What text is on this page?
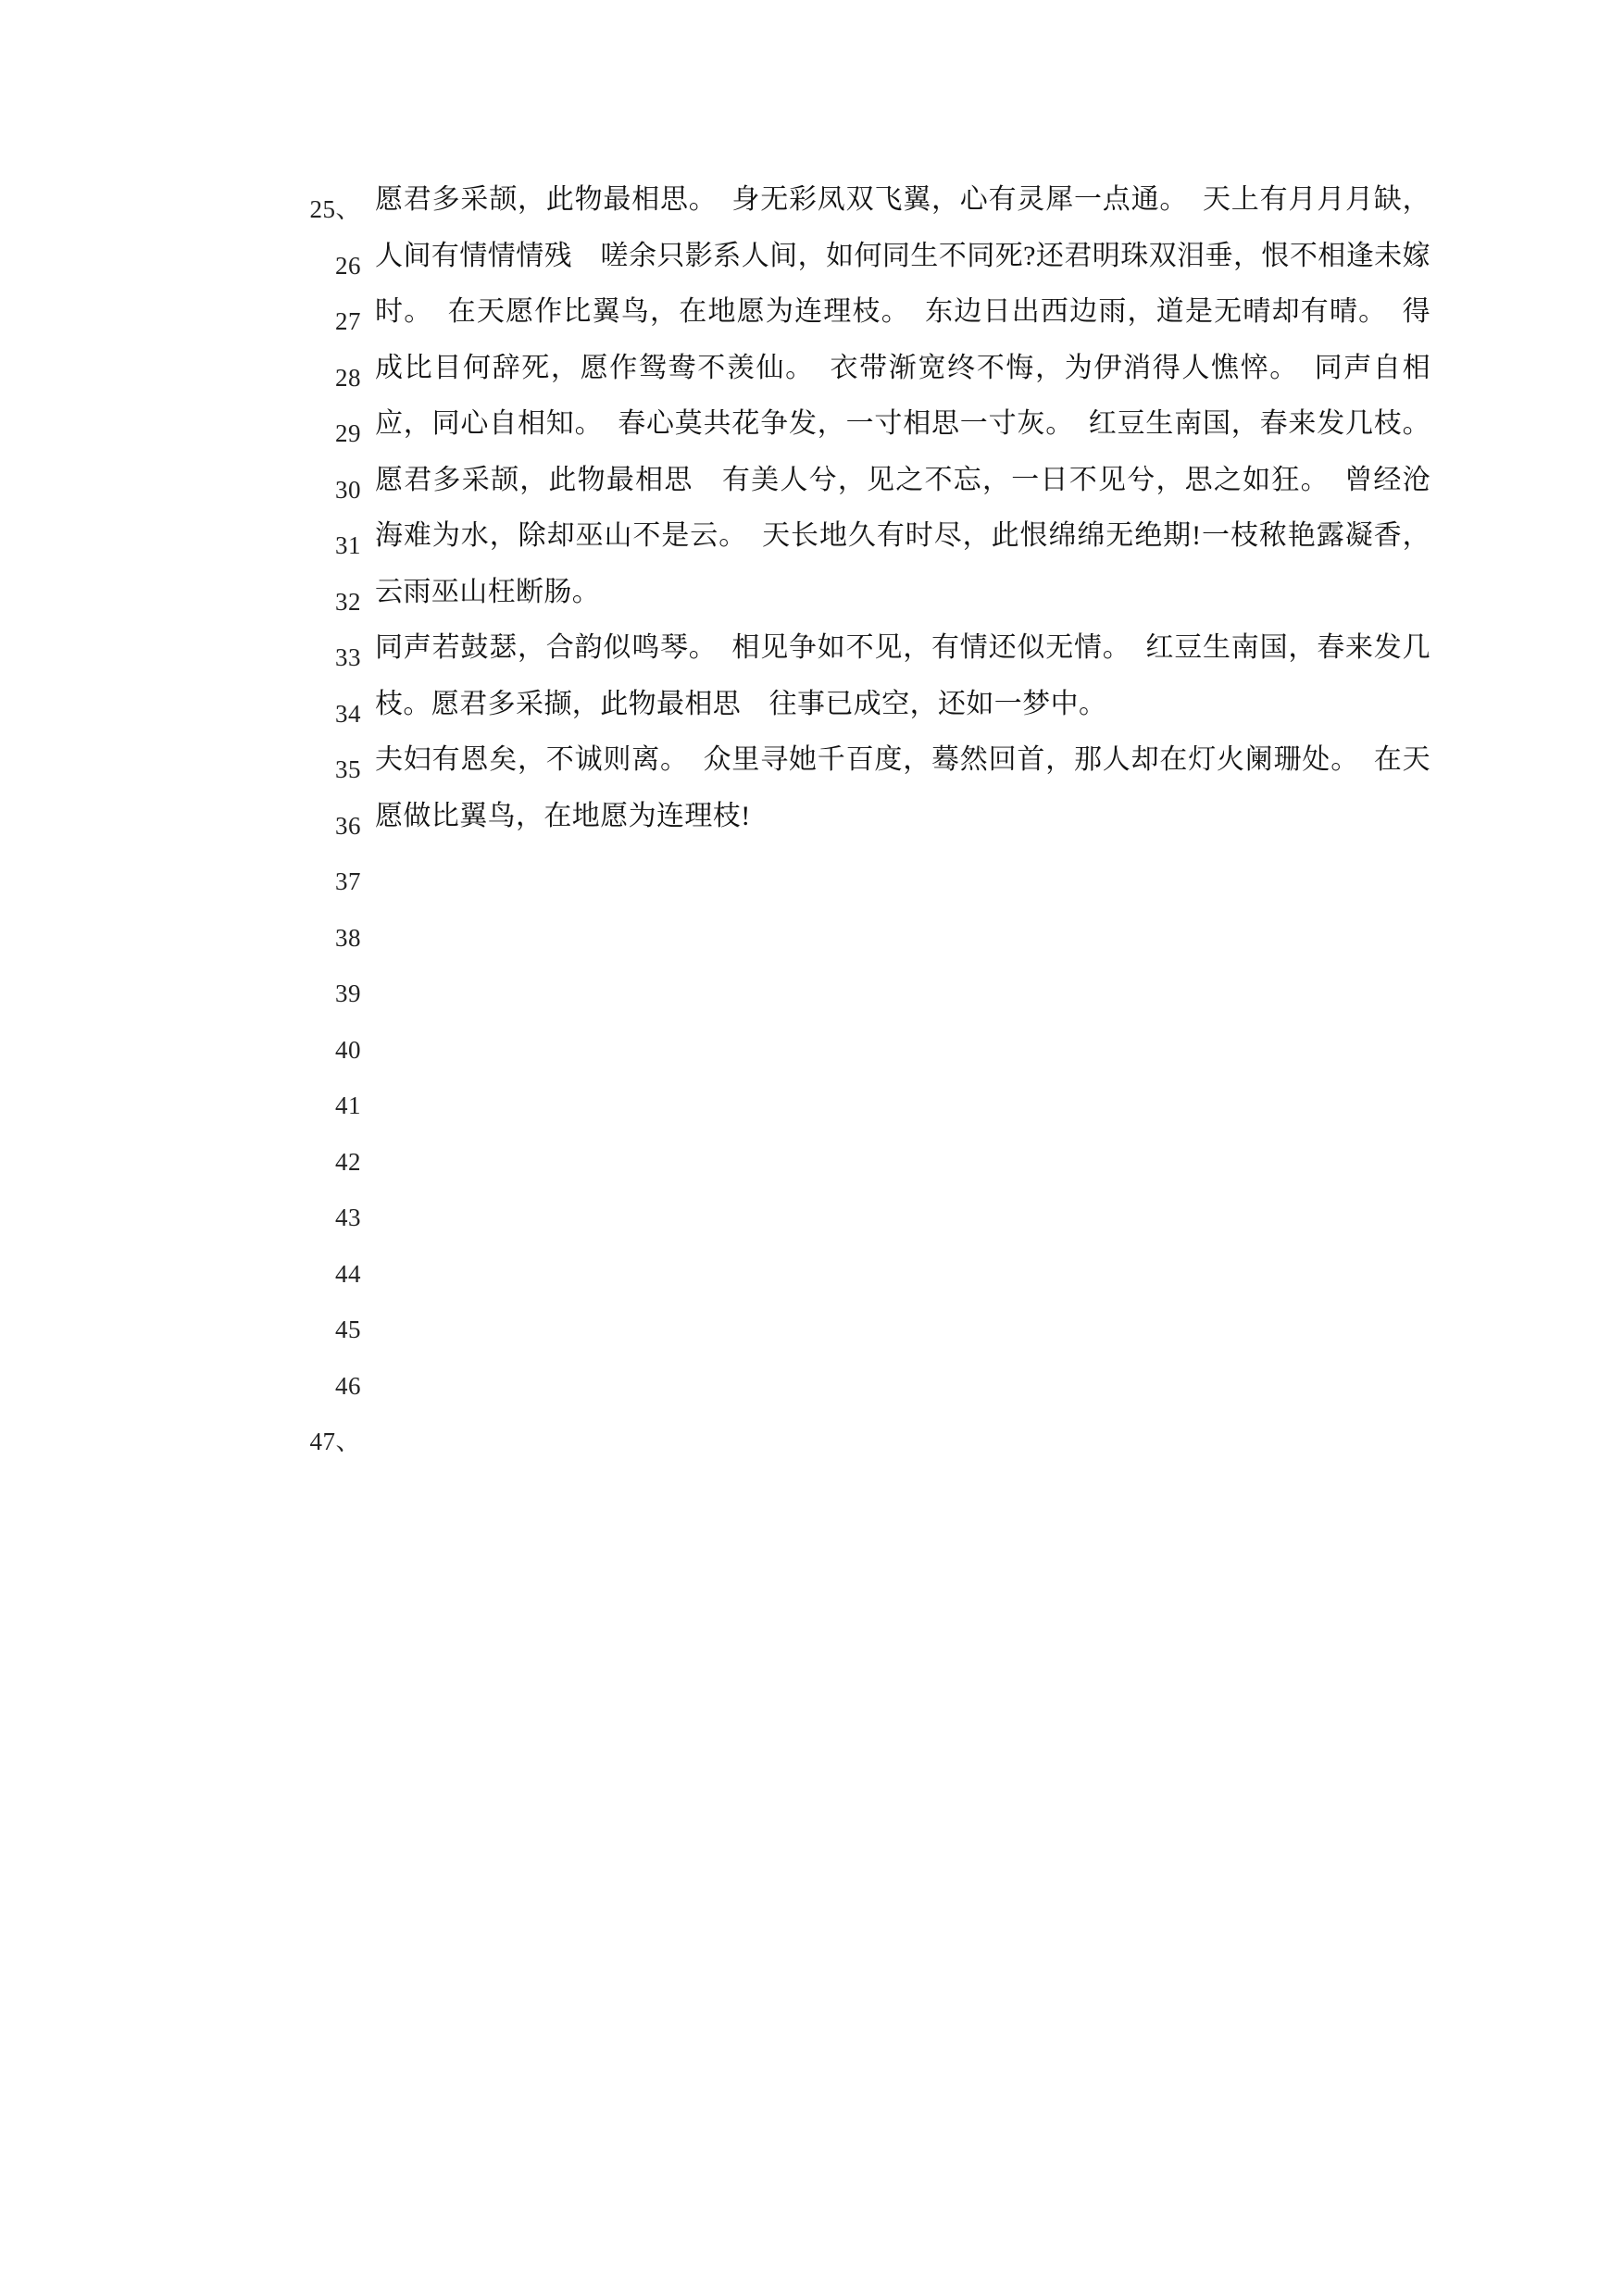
25、
26
27
28
29
30
31
32
33
34
35
36
37
38
39
40
41
42
43
44
45
46
47、

愿君多采颉，此物最相思。　身无彩凤双飞翼，心有灵犀一点通。　天上有月月月缺，人间有情情情残　嗟余只影系人间，如何同生不同死?还君明珠双泪垂，恨不相逢未嫁时。　在天愿作比翼鸟，在地愿为连理枝。　东边日出西边雨，道是无晴却有晴。　得成比目何辞死，愿作鸳鸯不羡仙。　衣带渐宽终不悔，为伊消得人憔悴。　同声自相应，同心自相知。　春心莫共花争发，一寸相思一寸灰。　红豆生南国，春来发几枝。愿君多采颉，此物最相思　有美人兮，见之不忘，一日不见兮，思之如狂。　曾经沧海难为水，除却巫山不是云。　天长地久有时尽，此恨绵绵无绝期!一枝秾艳露凝香，云雨巫山枉断肠。

同声若鼓瑟，合韵似鸣琴。　相见争如不见，有情还似无情。　红豆生南国，春来发几枝。愿君多采撷，此物最相思　往事已成空，还如一梦中。

夫妇有恩矣，不诚则离。　众里寻她千百度，蓦然回首，那人却在灯火阑珊处。　在天愿做比翼鸟，在地愿为连理枝!
